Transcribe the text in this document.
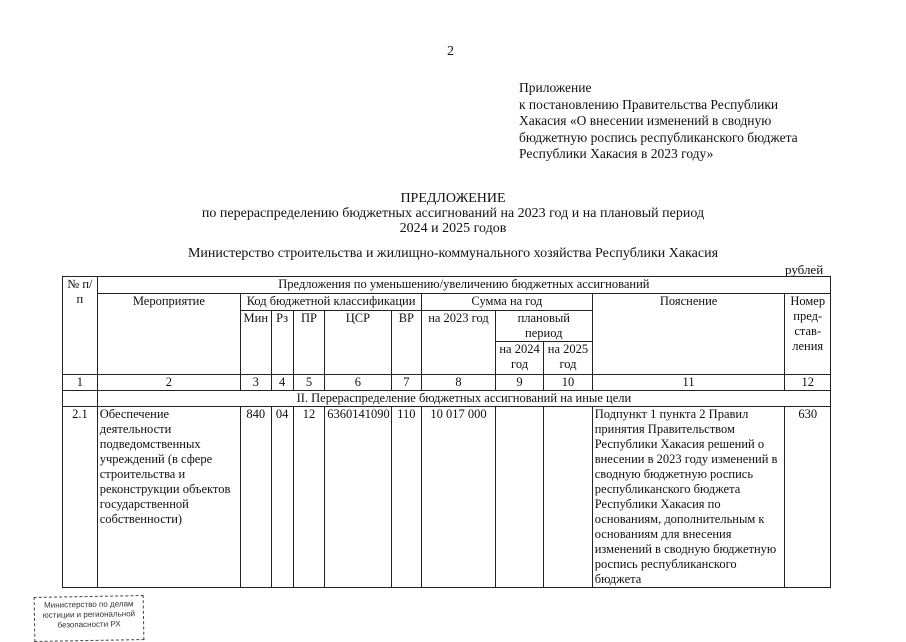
2
Приложение
к постановлению Правительства Республики
Хакасия «О внесении изменений в сводную
бюджетную роспись республиканского бюджета
Республики Хакасия в 2023 году»
ПРЕДЛОЖЕНИЕ
по перераспределению бюджетных ассигнований на 2023 год и на плановый период
2024 и 2025 годов
Министерство строительства и жилищно-коммунального хозяйства Республики Хакасия
рублей
№ п/п	Предложения по уменьшению/увеличению бюджетных ассигнований										
	Мероприятие	Код бюджетной классификации					Сумма на год			Пояснение	Номер пред- став- ления
		Мин	Рз	ПР	ЦСР	ВР	на 2023 год	плановый период			
								на 2024 год	на 2025 год		
1	2	3	4	5	6	7	8	9	10	11	12
	II. Перераспределение бюджетных ассигнований на иные цели										
2.1	Обеспечение деятельности подведомственных учреждений (в сфере строительства и реконструкции объектов государственной собственности)	840	04	12	6360141090	110	10 017 000			Подпункт 1 пункта 2 Правил принятия Правительством Республики Хакасия решений о внесении в 2023 году изменений в сводную бюджетную роспись республиканского бюджета Республики Хакасия по основаниям, дополнительным к основаниям для внесения изменений в сводную бюджетную роспись республиканского бюджета	630
Министерство по делам
юстиции и региональной
безопасности РХ
